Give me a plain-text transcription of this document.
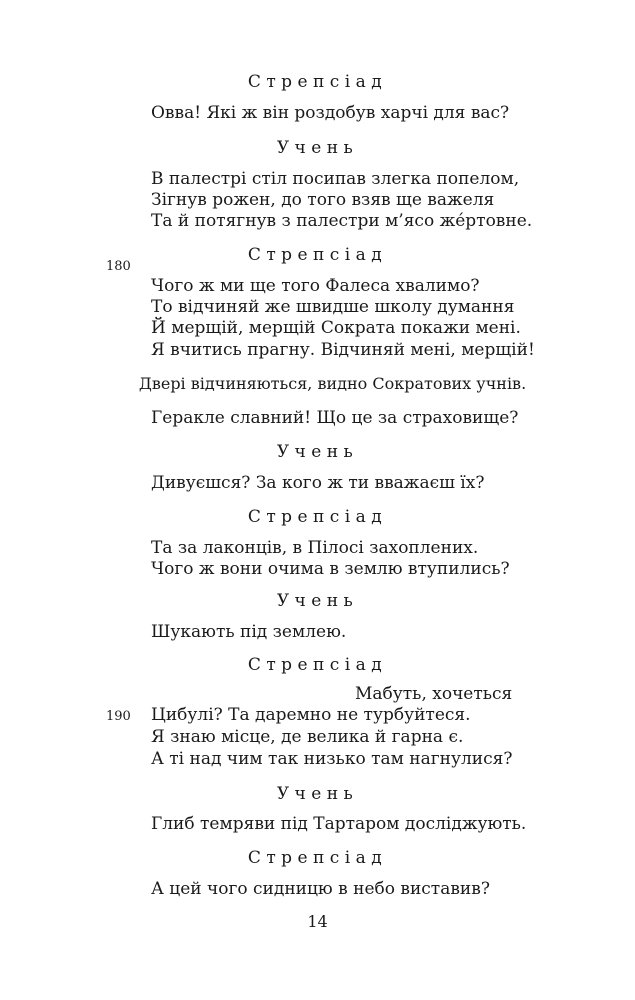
Стрепсіад
Овва! Які ж він роздобув харчі для вас?
Учень
В палестрі стіл посипав злегка попелом,
Зігнув рожен, до того взяв ще важеля
Та й потягнув з палестри м’ясо же́ртовне.
Стрепсіад
180
Чого ж ми ще того Фалеса хвалимо?
То відчиняй же швидше школу думання
Й мерщій, мерщій Сократа покажи мені.
Я вчитись прагну. Відчиняй мені, мерщій!
Двері відчиняються, видно Сократових учнів.
Геракле славний! Що це за страховище?
Учень
Дивуєшся? За кого ж ти вважаєш їх?
Стрепсіад
Та за лаконців, в Пілосі захоплених.
Чого ж вони очима в землю втупились?
Учень
Шукають під землею.
Стрепсіад
Мабуть, хочеться
190 Цибулі? Та даремно не турбуйтеся.
Я знаю місце, де велика й гарна є.
А ті над чим так низько там нагнулися?
Учень
Глиб темряви під Тартаром досліджують.
Стрепсіад
А цей чого сидницю в небо виставив?
14
